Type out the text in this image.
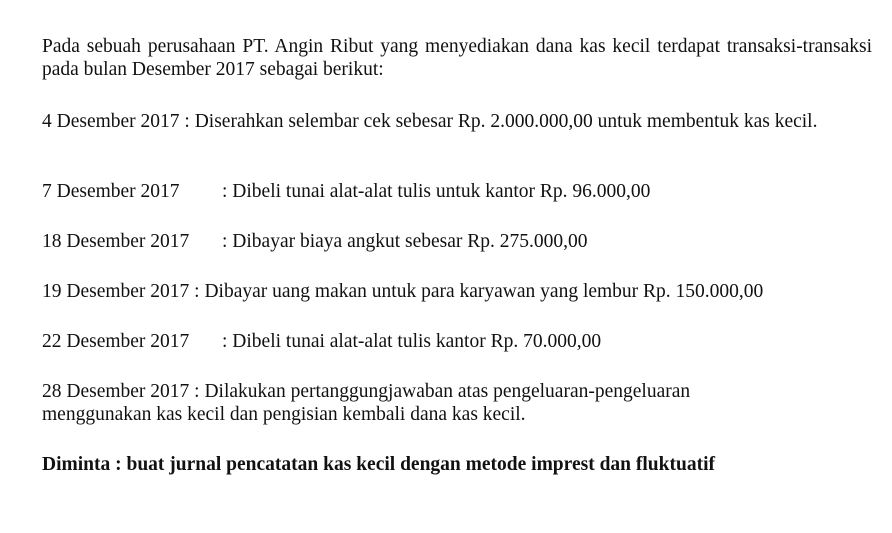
Pada sebuah perusahaan PT. Angin Ribut yang menyediakan dana kas kecil terdapat transaksi-transaksi pada bulan Desember 2017 sebagai berikut:

4 Desember 2017 : Diserahkan selembar cek sebesar Rp. 2.000.000,00 untuk membentuk kas kecil.

7 Desember 2017 : Dibeli tunai alat-alat tulis untuk kantor Rp. 96.000,00
18 Desember 2017 : Dibayar biaya angkut sebesar Rp. 275.000,00
19 Desember 2017 : Dibayar uang makan untuk para karyawan yang lembur Rp. 150.000,00
22 Desember 2017 : Dibeli tunai alat-alat tulis kantor Rp. 70.000,00

28 Desember 2017 : Dilakukan pertanggungjawaban atas pengeluaran-pengeluaran menggunakan kas kecil dan pengisian kembali dana kas kecil.

Diminta : buat jurnal pencatatan kas kecil dengan metode imprest dan fluktuatif
